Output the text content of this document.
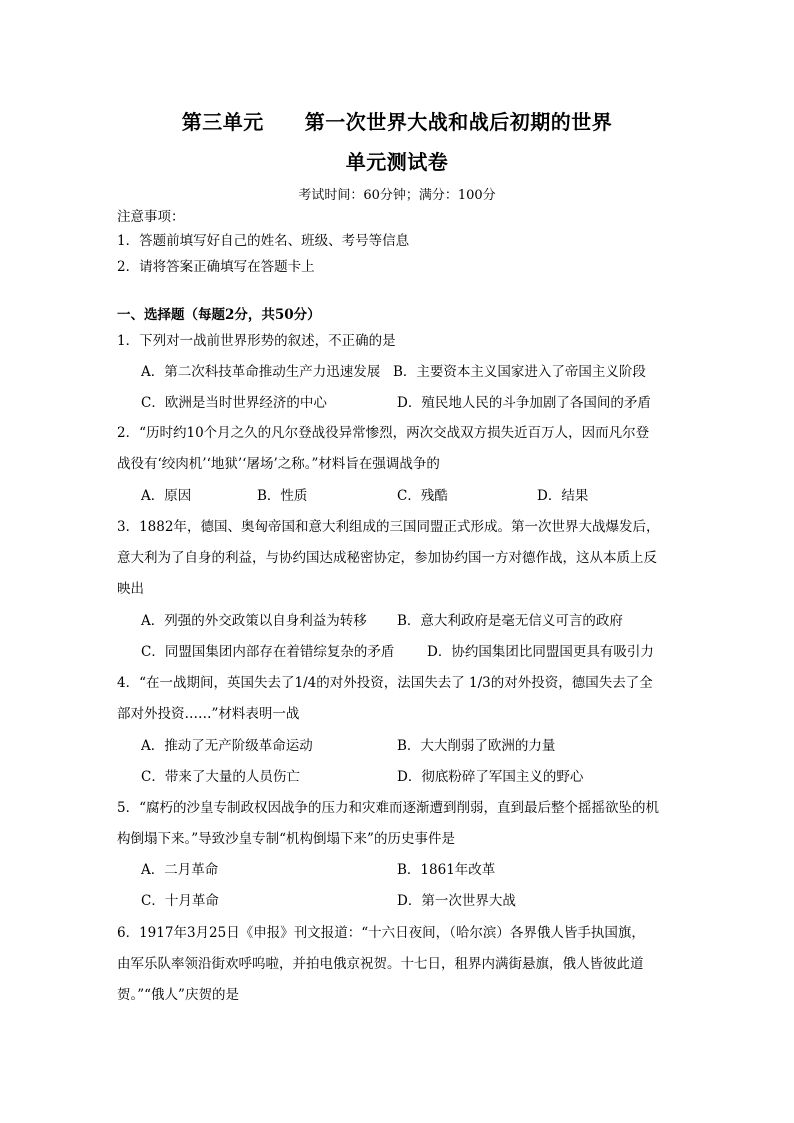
第三单元　　第一次世界大战和战后初期的世界
单元测试卷
考试时间：60分钟；满分：100分
注意事项：
1．答题前填写好自己的姓名、班级、考号等信息
2．请将答案正确填写在答题卡上
一、选择题（每题2分，共50分）
1．下列对一战前世界形势的叙述，不正确的是
A．第二次科技革命推动生产力迅速发展 B．主要资本主义国家进入了帝国主义阶段
C．欧洲是当时世界经济的中心	D．殖民地人民的斗争加剧了各国间的矛盾
2．“历时约10个月之久的凡尔登战役异常惨烈，两次交战双方损失近百万人，因而凡尔登
战役有‘绞肉机’‘地狱’‘屠场’之称。”材料旨在强调战争的
A．原因	B．性质	C．残酷	D．结果
3．1882年，德国、奥匈帝国和意大利组成的三国同盟正式形成。第一次世界大战爆发后，
意大利为了自身的利益，与协约国达成秘密协定，参加协约国一方对德作战，这从本质上反
映出
A．列强的外交政策以自身利益为转移 B．意大利政府是毫无信义可言的政府
C．同盟国集团内部存在着错综复杂的矛盾 D．协约国集团比同盟国更具有吸引力
4．“在一战期间，英国失去了1/4的对外投资，法国失去了 1/3的对外投资，德国失去了全
部对外投资……”材料表明一战
A．推动了无产阶级革命运动	B．大大削弱了欧洲的力量
C．带来了大量的人员伤亡	D．彻底粉碎了军国主义的野心
5．“腐朽的沙皇专制政权因战争的压力和灾难而逐渐遭到削弱，直到最后整个摇摇欲坠的机
构倒塌下来。”导致沙皇专制“机构倒塌下来”的历史事件是
A．二月革命	B．1861年改革
C．十月革命	D．第一次世界大战
6．1917年3月25日《申报》刊文报道：“十六日夜间，（哈尔滨）各界俄人皆手执国旗，
由军乐队率领沿街欢呼呜啦，并拍电俄京祝贺。十七日，租界内满街悬旗，俄人皆彼此道
贺。”“俄人”庆贺的是
